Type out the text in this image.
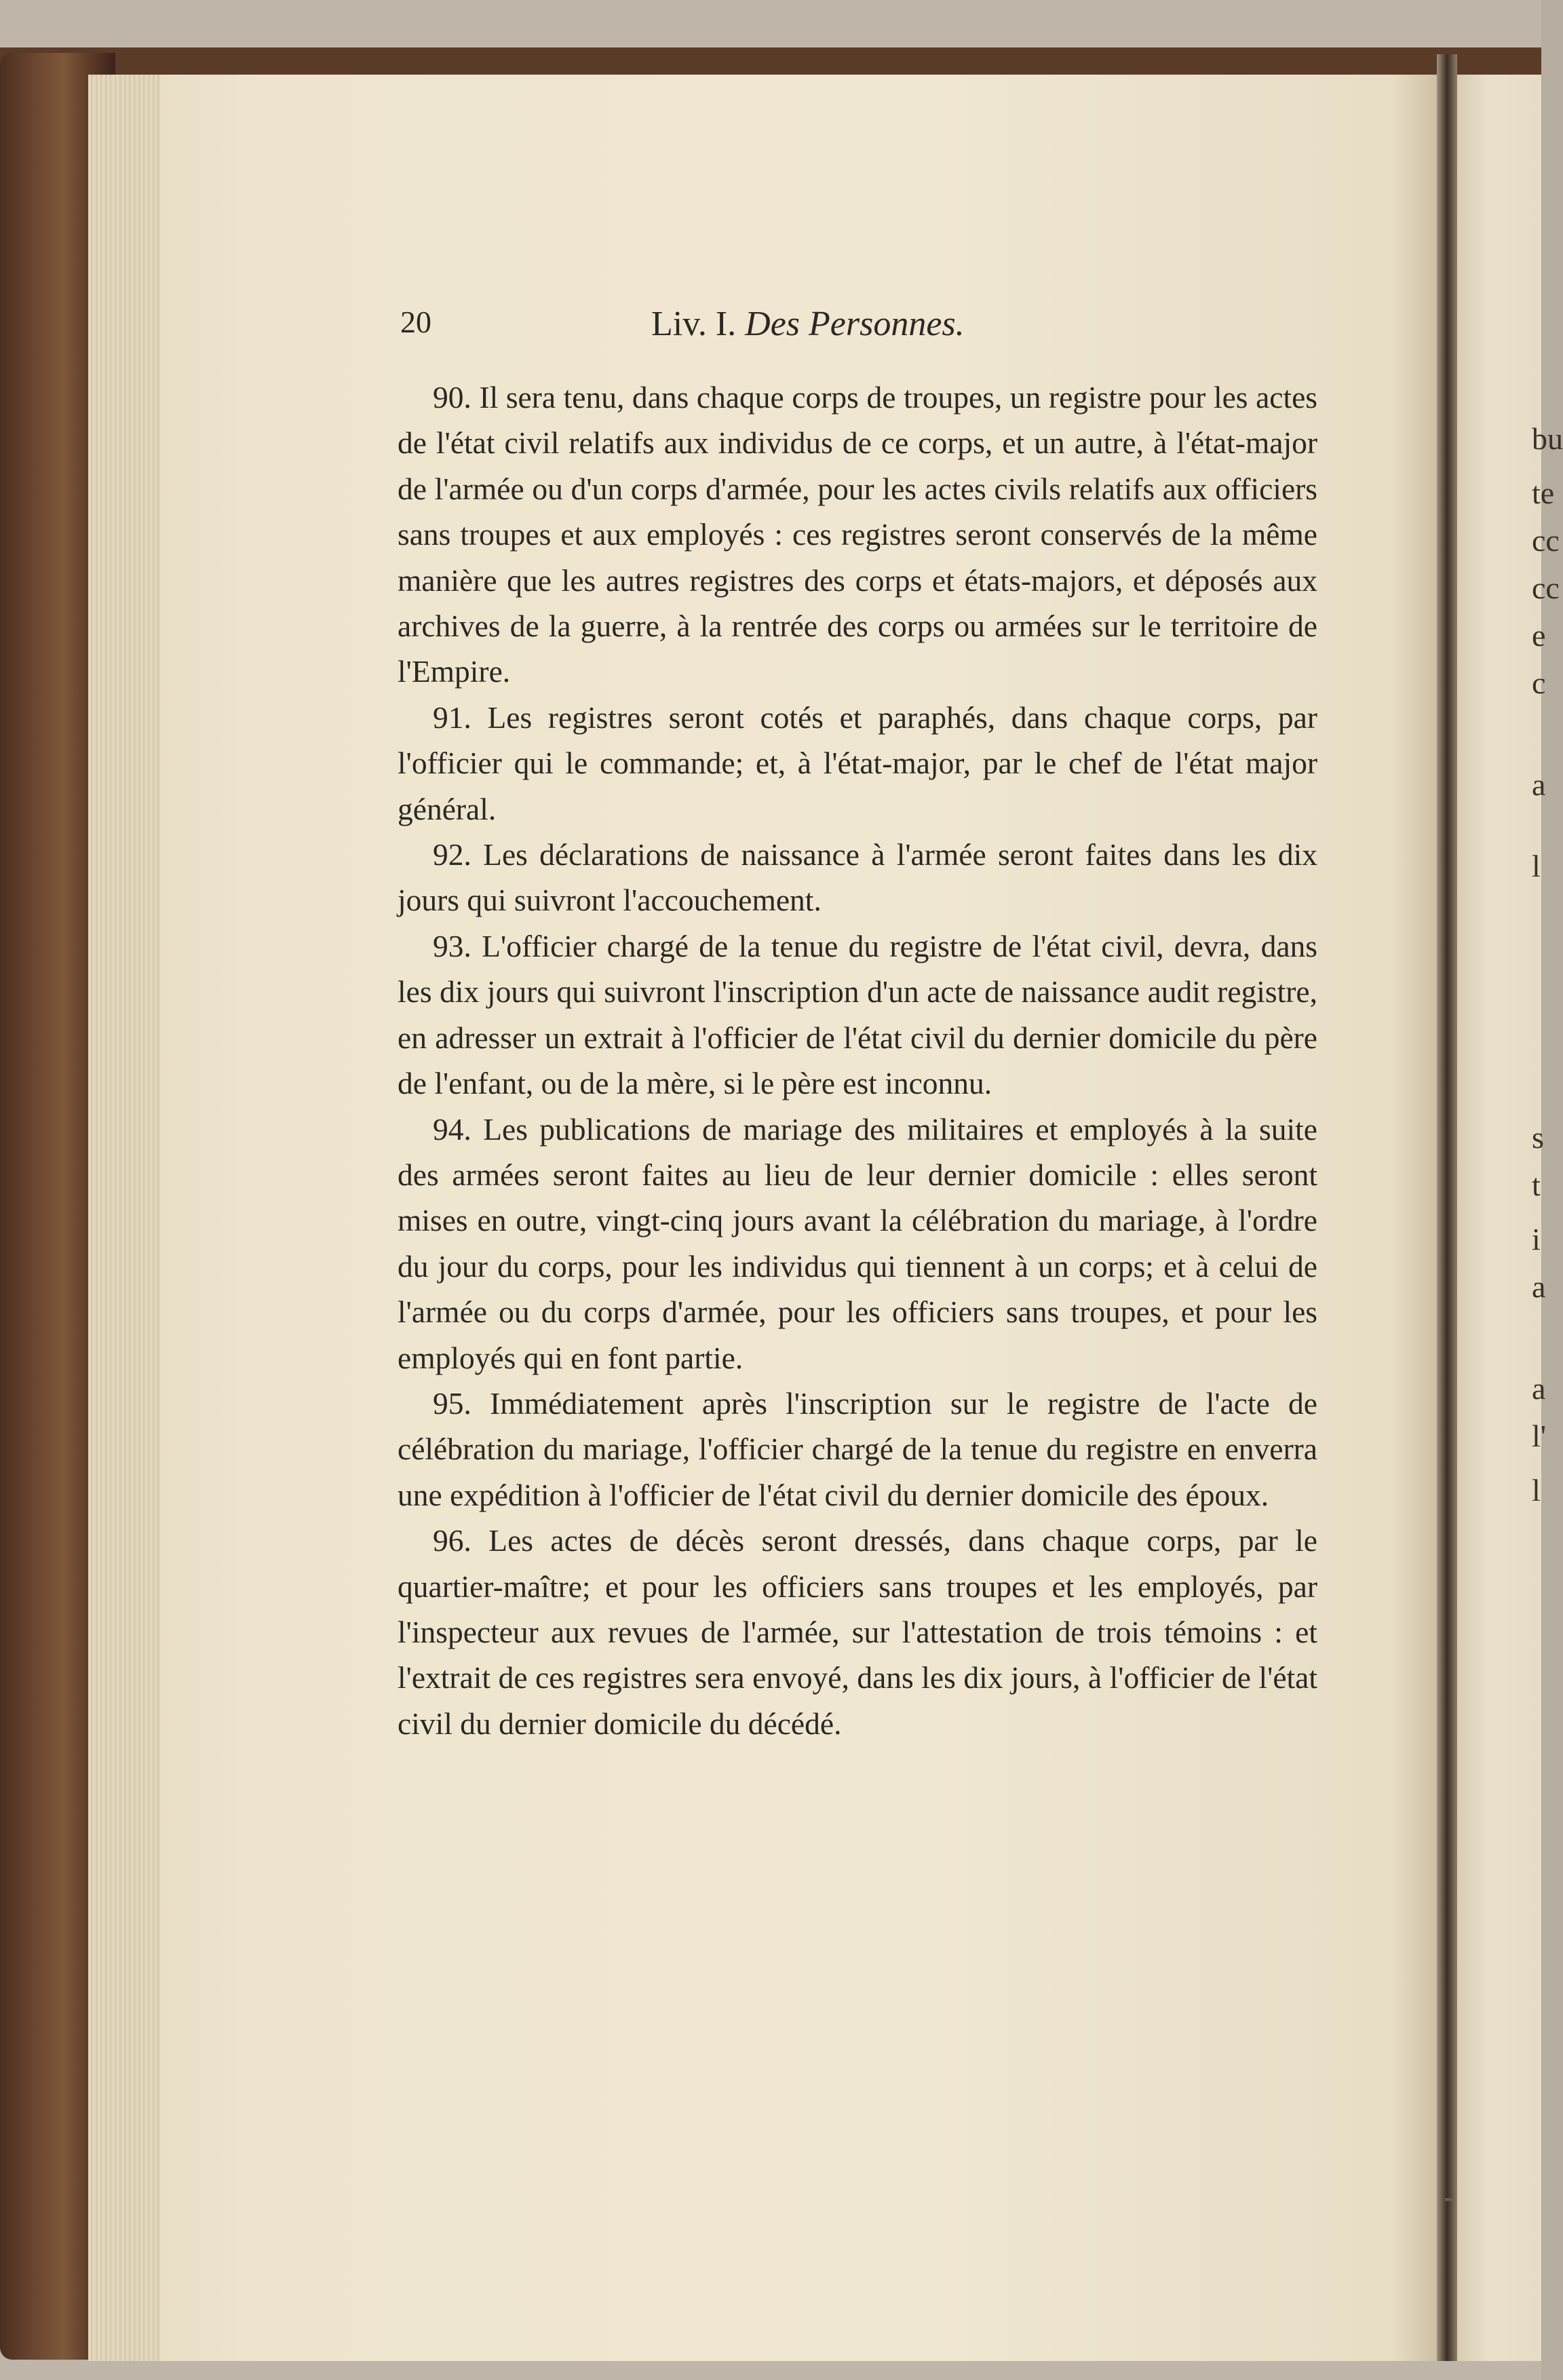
bu
te
cc
cc
e
c
a
l
s
t
i
a
a
l'
l
20	Liv. I. Des Personnes.

90. Il sera tenu, dans chaque corps de troupes, un registre pour les actes de l'état civil relatifs aux individus de ce corps, et un autre, à l'état-major de l'armée ou d'un corps d'armée, pour les actes civils relatifs aux officiers sans troupes et aux employés : ces registres seront conservés de la même manière que les autres registres des corps et états-majors, et déposés aux archives de la guerre, à la rentrée des corps ou armées sur le territoire de l'Empire.

91. Les registres seront cotés et paraphés, dans chaque corps, par l'officier qui le commande; et, à l'état-major, par le chef de l'état major général.

92. Les déclarations de naissance à l'armée seront faites dans les dix jours qui suivront l'accouchement.

93. L'officier chargé de la tenue du registre de l'état civil, devra, dans les dix jours qui suivront l'inscription d'un acte de naissance audit registre, en adresser un extrait à l'officier de l'état civil du dernier domicile du père de l'enfant, ou de la mère, si le père est inconnu.

94. Les publications de mariage des militaires et employés à la suite des armées seront faites au lieu de leur dernier domicile : elles seront mises en outre, vingt-cinq jours avant la célébration du mariage, à l'ordre du jour du corps, pour les individus qui tiennent à un corps; et à celui de l'armée ou du corps d'armée, pour les officiers sans troupes, et pour les employés qui en font partie.

95. Immédiatement après l'inscription sur le registre de l'acte de célébration du mariage, l'officier chargé de la tenue du registre en enverra une expédition à l'officier de l'état civil du dernier domicile des époux.

96. Les actes de décès seront dressés, dans chaque corps, par le quartier-maître; et pour les officiers sans troupes et les employés, par l'inspecteur aux revues de l'armée, sur l'attestation de trois témoins : et l'extrait de ces registres sera envoyé, dans les dix jours, à l'officier de l'état civil du dernier domicile du décédé.
